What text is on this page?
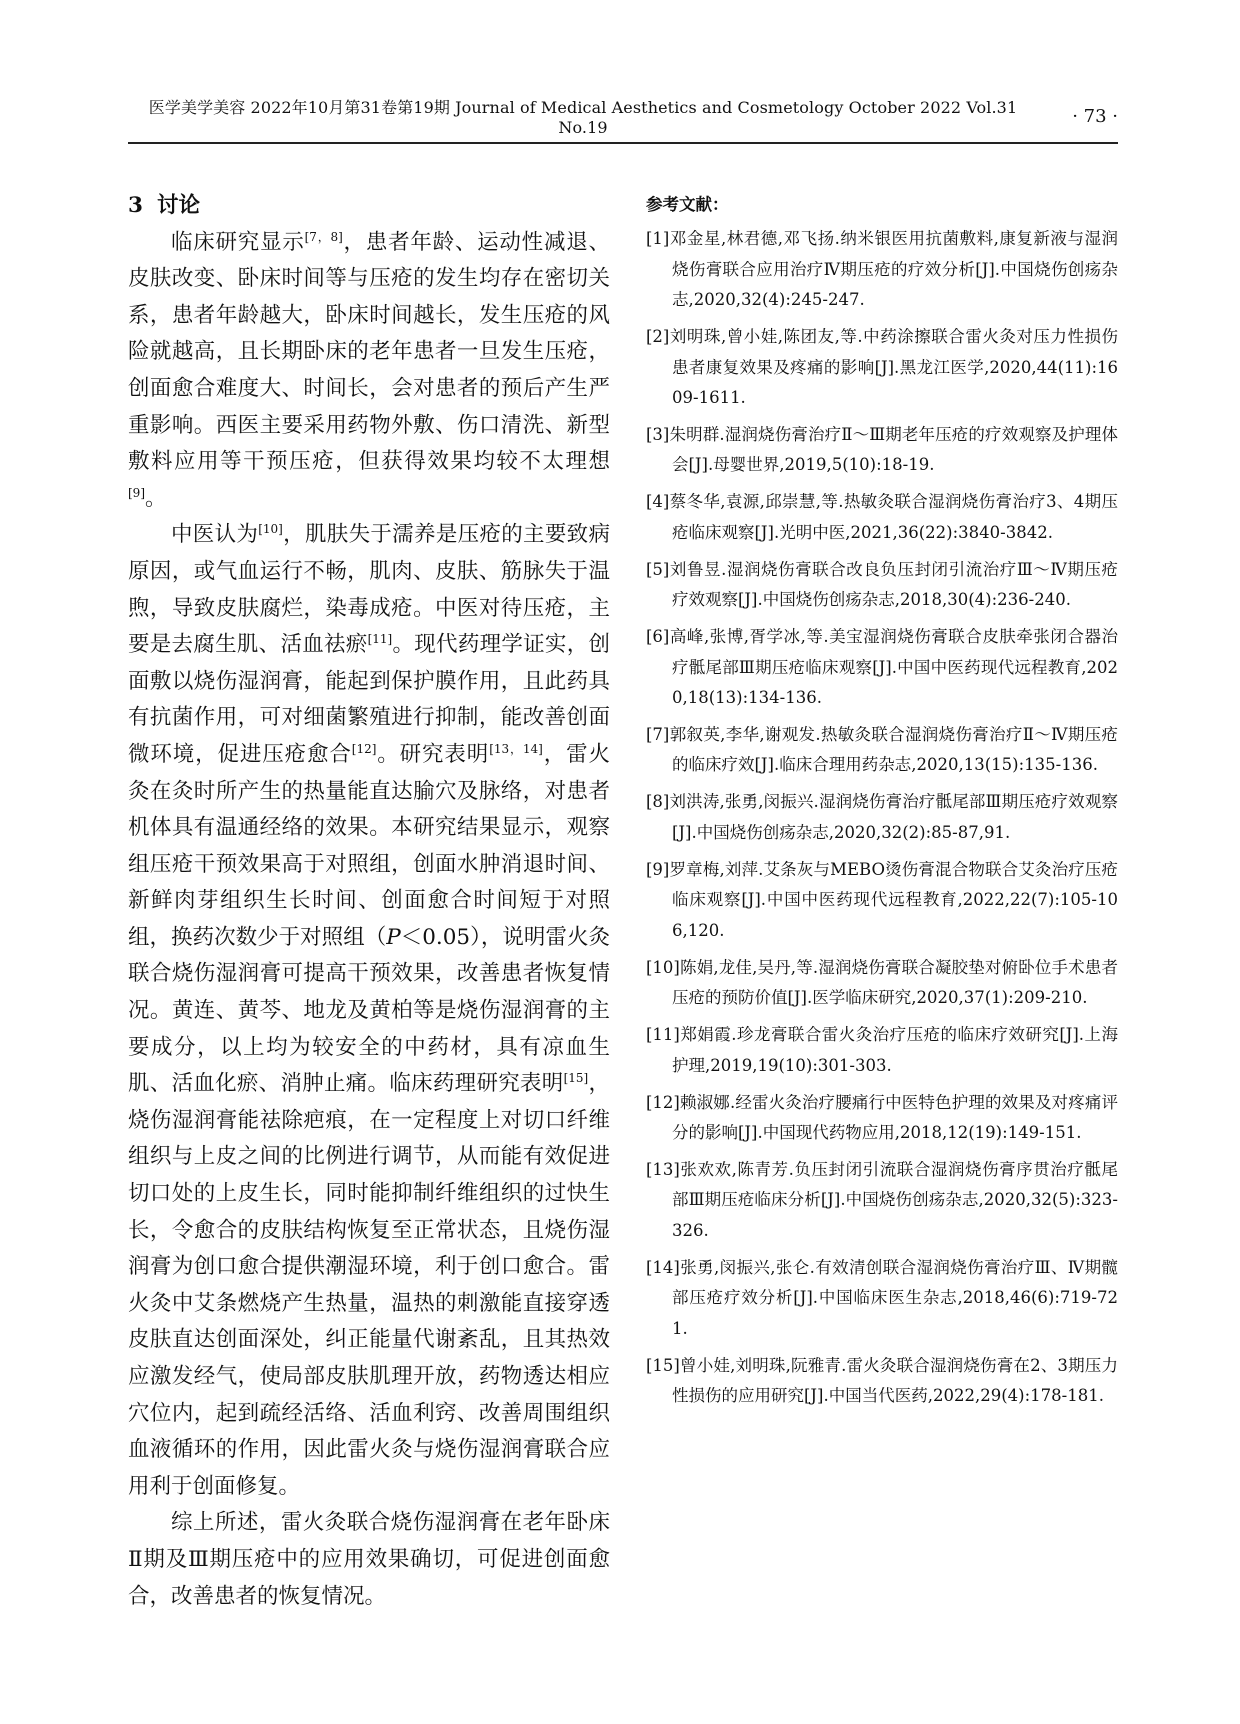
医学美学美容 2022年10月第31卷第19期 Journal of Medical Aesthetics and Cosmetology October 2022 Vol.31 No.19
· 73 ·
3 讨论

临床研究显示[7，8]，患者年龄、运动性减退、皮肤改变、卧床时间等与压疮的发生均存在密切关系，患者年龄越大，卧床时间越长，发生压疮的风险就越高，且长期卧床的老年患者一旦发生压疮，创面愈合难度大、时间长，会对患者的预后产生严重影响。西医主要采用药物外敷、伤口清洗、新型敷料应用等干预压疮，但获得效果均较不太理想[9]。

中医认为[10]，肌肤失于濡养是压疮的主要致病原因，或气血运行不畅，肌肉、皮肤、筋脉失于温煦，导致皮肤腐烂，染毒成疮。中医对待压疮，主要是去腐生肌、活血祛瘀[11]。现代药理学证实，创面敷以烧伤湿润膏，能起到保护膜作用，且此药具有抗菌作用，可对细菌繁殖进行抑制，能改善创面微环境，促进压疮愈合[12]。研究表明[13，14]，雷火灸在灸时所产生的热量能直达腧穴及脉络，对患者机体具有温通经络的效果。本研究结果显示，观察组压疮干预效果高于对照组，创面水肿消退时间、新鲜肉芽组织生长时间、创面愈合时间短于对照组，换药次数少于对照组（P＜0.05），说明雷火灸联合烧伤湿润膏可提高干预效果，改善患者恢复情况。黄连、黄芩、地龙及黄柏等是烧伤湿润膏的主要成分，以上均为较安全的中药材，具有凉血生肌、活血化瘀、消肿止痛。临床药理研究表明[15]，烧伤湿润膏能祛除疤痕，在一定程度上对切口纤维组织与上皮之间的比例进行调节，从而能有效促进切口处的上皮生长，同时能抑制纤维组织的过快生长，令愈合的皮肤结构恢复至正常状态，且烧伤湿润膏为创口愈合提供潮湿环境，利于创口愈合。雷火灸中艾条燃烧产生热量，温热的刺激能直接穿透皮肤直达创面深处，纠正能量代谢紊乱，且其热效应激发经气，使局部皮肤肌理开放，药物透达相应穴位内，起到疏经活络、活血利窍、改善周围组织血液循环的作用，因此雷火灸与烧伤湿润膏联合应用利于创面修复。

综上所述，雷火灸联合烧伤湿润膏在老年卧床Ⅱ期及Ⅲ期压疮中的应用效果确切，可促进创面愈合，改善患者的恢复情况。

参考文献：
[1]邓金星,林君德,邓飞扬.纳米银医用抗菌敷料,康复新液与湿润烧伤膏联合应用治疗Ⅳ期压疮的疗效分析[J].中国烧伤创疡杂志,2020,32(4):245-247.
[2]刘明珠,曾小娃,陈团友,等.中药涂擦联合雷火灸对压力性损伤患者康复效果及疼痛的影响[J].黑龙江医学,2020,44(11):1609-1611.
[3]朱明群.湿润烧伤膏治疗Ⅱ～Ⅲ期老年压疮的疗效观察及护理体会[J].母婴世界,2019,5(10):18-19.
[4]蔡冬华,袁源,邱崇慧,等.热敏灸联合湿润烧伤膏治疗3、4期压疮临床观察[J].光明中医,2021,36(22):3840-3842.
[5]刘鲁昱.湿润烧伤膏联合改良负压封闭引流治疗Ⅲ～Ⅳ期压疮疗效观察[J].中国烧伤创疡杂志,2018,30(4):236-240.
[6]高峰,张博,胥学冰,等.美宝湿润烧伤膏联合皮肤牵张闭合器治疗骶尾部Ⅲ期压疮临床观察[J].中国中医药现代远程教育,2020,18(13):134-136.
[7]郭叙英,李华,谢观发.热敏灸联合湿润烧伤膏治疗Ⅱ～Ⅳ期压疮的临床疗效[J].临床合理用药杂志,2020,13(15):135-136.
[8]刘洪涛,张勇,闵振兴.湿润烧伤膏治疗骶尾部Ⅲ期压疮疗效观察[J].中国烧伤创疡杂志,2020,32(2):85-87,91.
[9]罗章梅,刘萍.艾条灰与MEBO烫伤膏混合物联合艾灸治疗压疮临床观察[J].中国中医药现代远程教育,2022,22(7):105-106,120.
[10]陈娟,龙佳,吴丹,等.湿润烧伤膏联合凝胶垫对俯卧位手术患者压疮的预防价值[J].医学临床研究,2020,37(1):209-210.
[11]郑娟霞.珍龙膏联合雷火灸治疗压疮的临床疗效研究[J].上海护理,2019,19(10):301-303.
[12]赖淑娜.经雷火灸治疗腰痛行中医特色护理的效果及对疼痛评分的影响[J].中国现代药物应用,2018,12(19):149-151.
[13]张欢欢,陈青芳.负压封闭引流联合湿润烧伤膏序贯治疗骶尾部Ⅲ期压疮临床分析[J].中国烧伤创疡杂志,2020,32(5):323-326.
[14]张勇,闵振兴,张仑.有效清创联合湿润烧伤膏治疗Ⅲ、Ⅳ期髋部压疮疗效分析[J].中国临床医生杂志,2018,46(6):719-721.
[15]曾小娃,刘明珠,阮雅青.雷火灸联合湿润烧伤膏在2、3期压力性损伤的应用研究[J].中国当代医药,2022,29(4):178-181.
